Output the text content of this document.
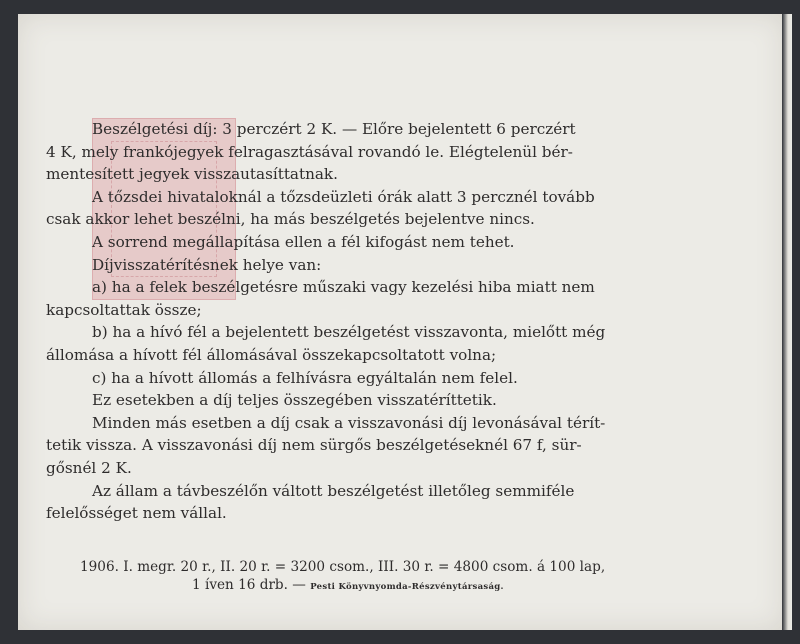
Beszélgetési díj: 3 perczért 2 K. — Előre bejelentett 6 perczért
4 K, mely frankójegyek felragasztásával rovandó le. Elégtelenül bér-
mentesített jegyek visszautasíttatnak.
A tőzsdei hivataloknál a tőzsdeüzleti órák alatt 3 percznél tovább
csak akkor lehet beszélni, ha más beszélgetés bejelentve nincs.
A sorrend megállapítása ellen a fél kifogást nem tehet.
Díjvisszatérítésnek helye van:
a) ha a felek beszélgetésre műszaki vagy kezelési hiba miatt nem
kapcsoltattak össze;
b) ha a hívó fél a bejelentett beszélgetést visszavonta, mielőtt még
állomása a hívott fél állomásával összekapcsoltatott volna;
c) ha a hívott állomás a felhívásra egyáltalán nem felel.
Ez esetekben a díj teljes összegében visszatéríttetik.
Minden más esetben a díj csak a visszavonási díj levonásával térít-
tetik vissza. A visszavonási díj nem sürgős beszélgetéseknél 67 f, sür-
gősnél 2 K.
Az állam a távbeszélőn váltott beszélgetést illetőleg semmiféle
felelősséget nem vállal.
1906. I. megr. 20 r., II. 20 r. = 3200 csom., III. 30 r. = 4800 csom. á 100 lap,
1 íven 16 drb. — Pesti Könyvnyomda-Részvénytársaság.
